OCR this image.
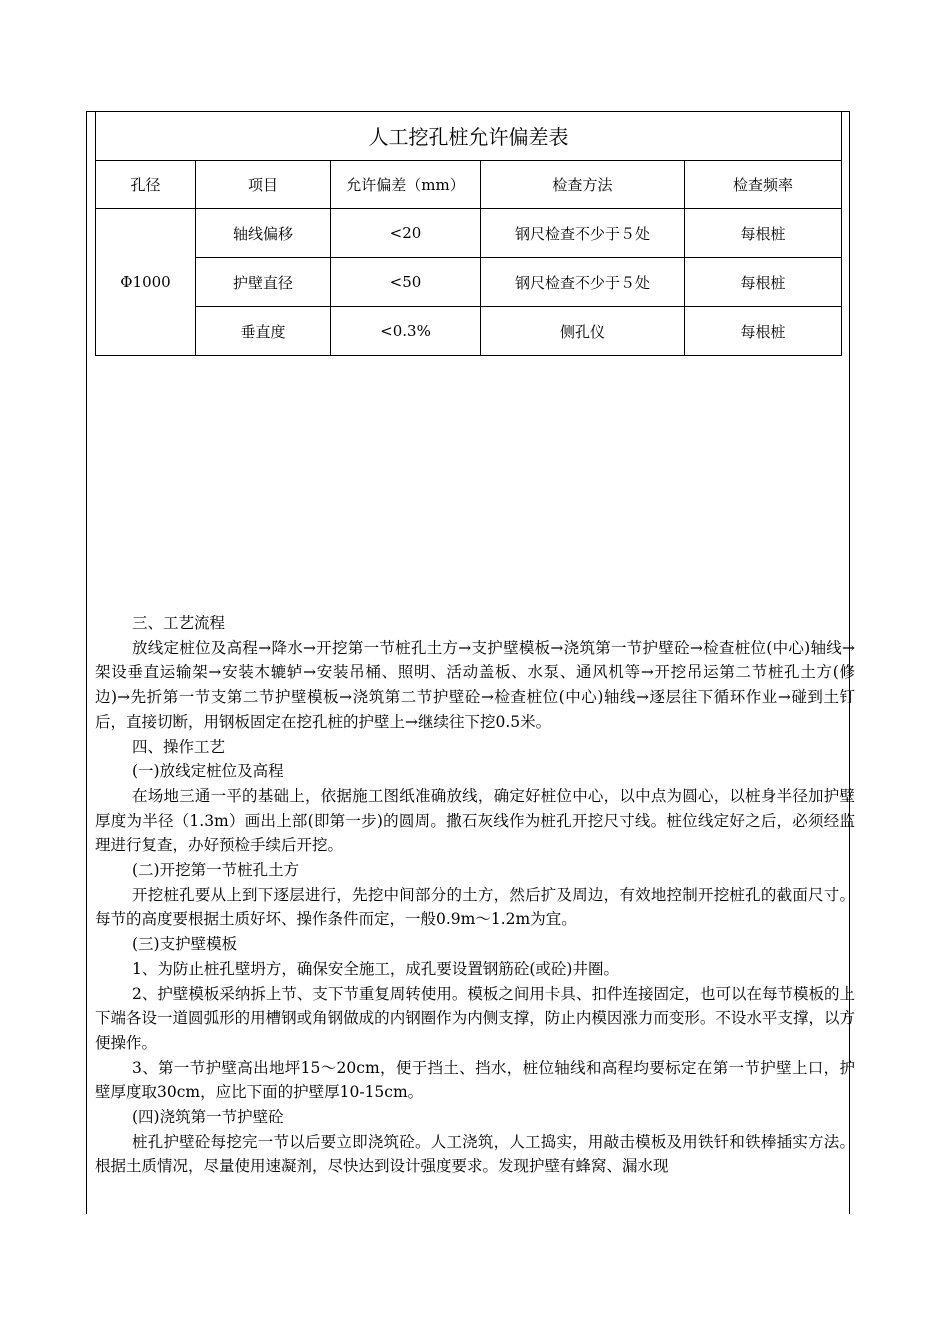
人工挖孔桩允许偏差表				
孔径	项目	允许偏差（mm）	检查方法	检查频率
Φ1000	轴线偏移	<20	钢尺检查不少于５处	每根桩
	护壁直径	<50	钢尺检查不少于５处	每根桩
	垂直度	<0.3%	侧孔仪	每根桩

三、工艺流程

放线定桩位及高程→降水→开挖第一节桩孔土方→支护壁模板→浇筑第一节护壁砼→检查桩位(中心)轴线→架设垂直运输架→安装木辘轳→安装吊桶、照明、活动盖板、水泵、通风机等→开挖吊运第二节桩孔土方(修边)→先折第一节支第二节护壁模板→浇筑第二节护壁砼→检查桩位(中心)轴线→逐层往下循环作业→碰到土钉后，直接切断，用钢板固定在挖孔桩的护壁上→继续往下挖0.5米。

四、操作工艺

(一)放线定桩位及高程

在场地三通一平的基础上，依据施工图纸准确放线，确定好桩位中心，以中点为圆心，以桩身半径加护壁厚度为半径（1.3m）画出上部(即第一步)的圆周。撒石灰线作为桩孔开挖尺寸线。桩位线定好之后，必须经监理进行复查，办好预检手续后开挖。

(二)开挖第一节桩孔土方

开挖桩孔要从上到下逐层进行，先挖中间部分的土方，然后扩及周边，有效地控制开挖桩孔的截面尺寸。每节的高度要根据土质好坏、操作条件而定，一般0.9m～1.2m为宜。

(三)支护壁模板

1、为防止桩孔壁坍方，确保安全施工，成孔要设置钢筋砼(或砼)井圈。

2、护壁模板采纳拆上节、支下节重复周转使用。模板之间用卡具、扣件连接固定，也可以在每节模板的上下端各设一道圆弧形的用槽钢或角钢做成的内钢圈作为内侧支撑，防止内模因涨力而变形。不设水平支撑，以方便操作。

3、第一节护壁高出地坪15～20cm，便于挡土、挡水，桩位轴线和高程均要标定在第一节护壁上口，护壁厚度取30cm，应比下面的护壁厚10-15cm。

(四)浇筑第一节护壁砼

桩孔护壁砼每挖完一节以后要立即浇筑砼。人工浇筑，人工捣实，用敲击模板及用铁钎和铁棒插实方法。根据土质情况，尽量使用速凝剂，尽快达到设计强度要求。发现护壁有蜂窝、漏水现
